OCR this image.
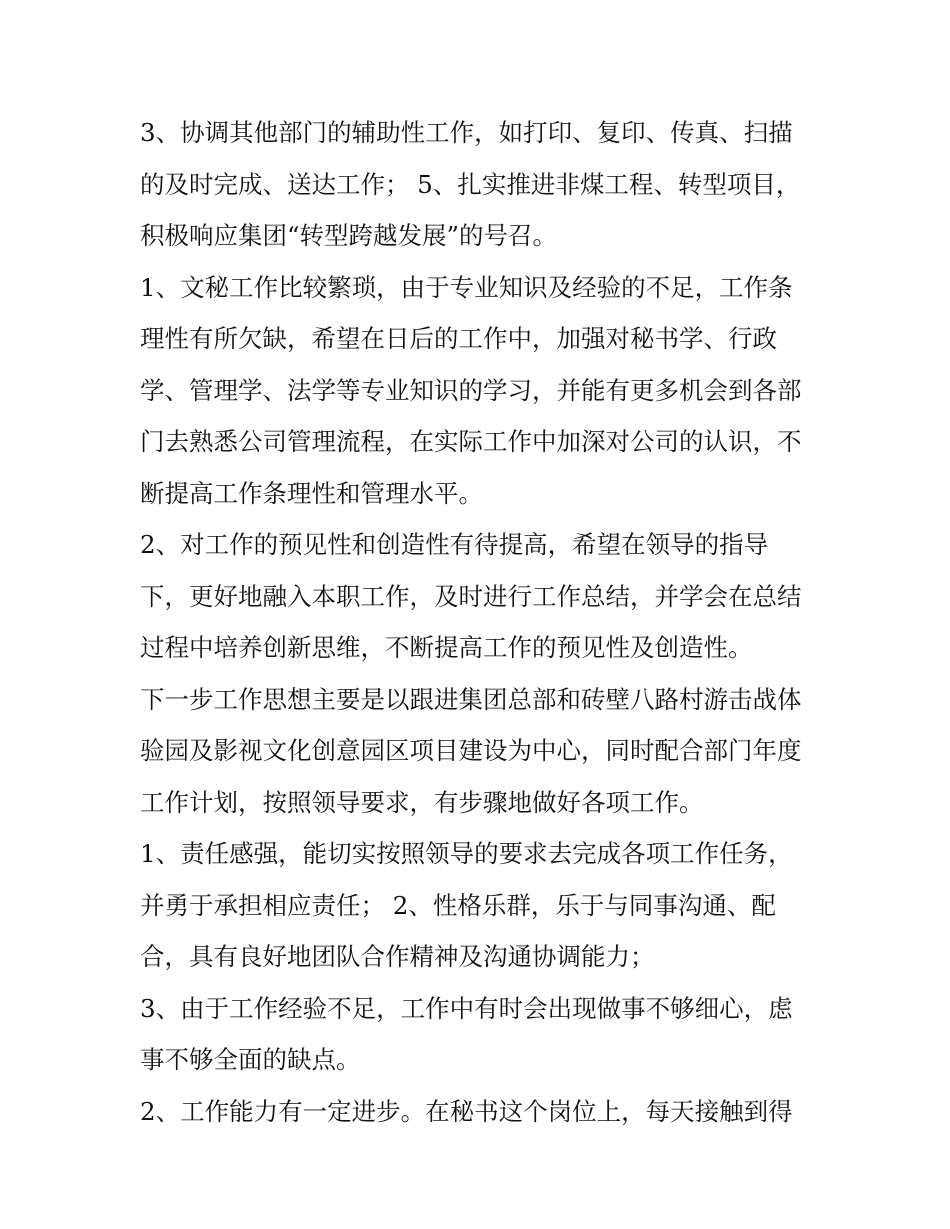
3、协调其他部门的辅助性工作，如打印、复印、传真、扫描
的及时完成、送达工作； 5、扎实推进非煤工程、转型项目，
积极响应集团“转型跨越发展”的号召。
1、文秘工作比较繁琐，由于专业知识及经验的不足，工作条
理性有所欠缺，希望在日后的工作中，加强对秘书学、行政
学、管理学、法学等专业知识的学习，并能有更多机会到各部
门去熟悉公司管理流程，在实际工作中加深对公司的认识，不
断提高工作条理性和管理水平。
2、对工作的预见性和创造性有待提高，希望在领导的指导
下，更好地融入本职工作，及时进行工作总结，并学会在总结
过程中培养创新思维，不断提高工作的预见性及创造性。
下一步工作思想主要是以跟进集团总部和砖壁八路村游击战体
验园及影视文化创意园区项目建设为中心，同时配合部门年度
工作计划，按照领导要求，有步骤地做好各项工作。
1、责任感强，能切实按照领导的要求去完成各项工作任务，
并勇于承担相应责任； 2、性格乐群，乐于与同事沟通、配
合，具有良好地团队合作精神及沟通协调能力；
3、由于工作经验不足，工作中有时会出现做事不够细心，虑
事不够全面的缺点。
2、工作能力有一定进步。在秘书这个岗位上，每天接触到得
